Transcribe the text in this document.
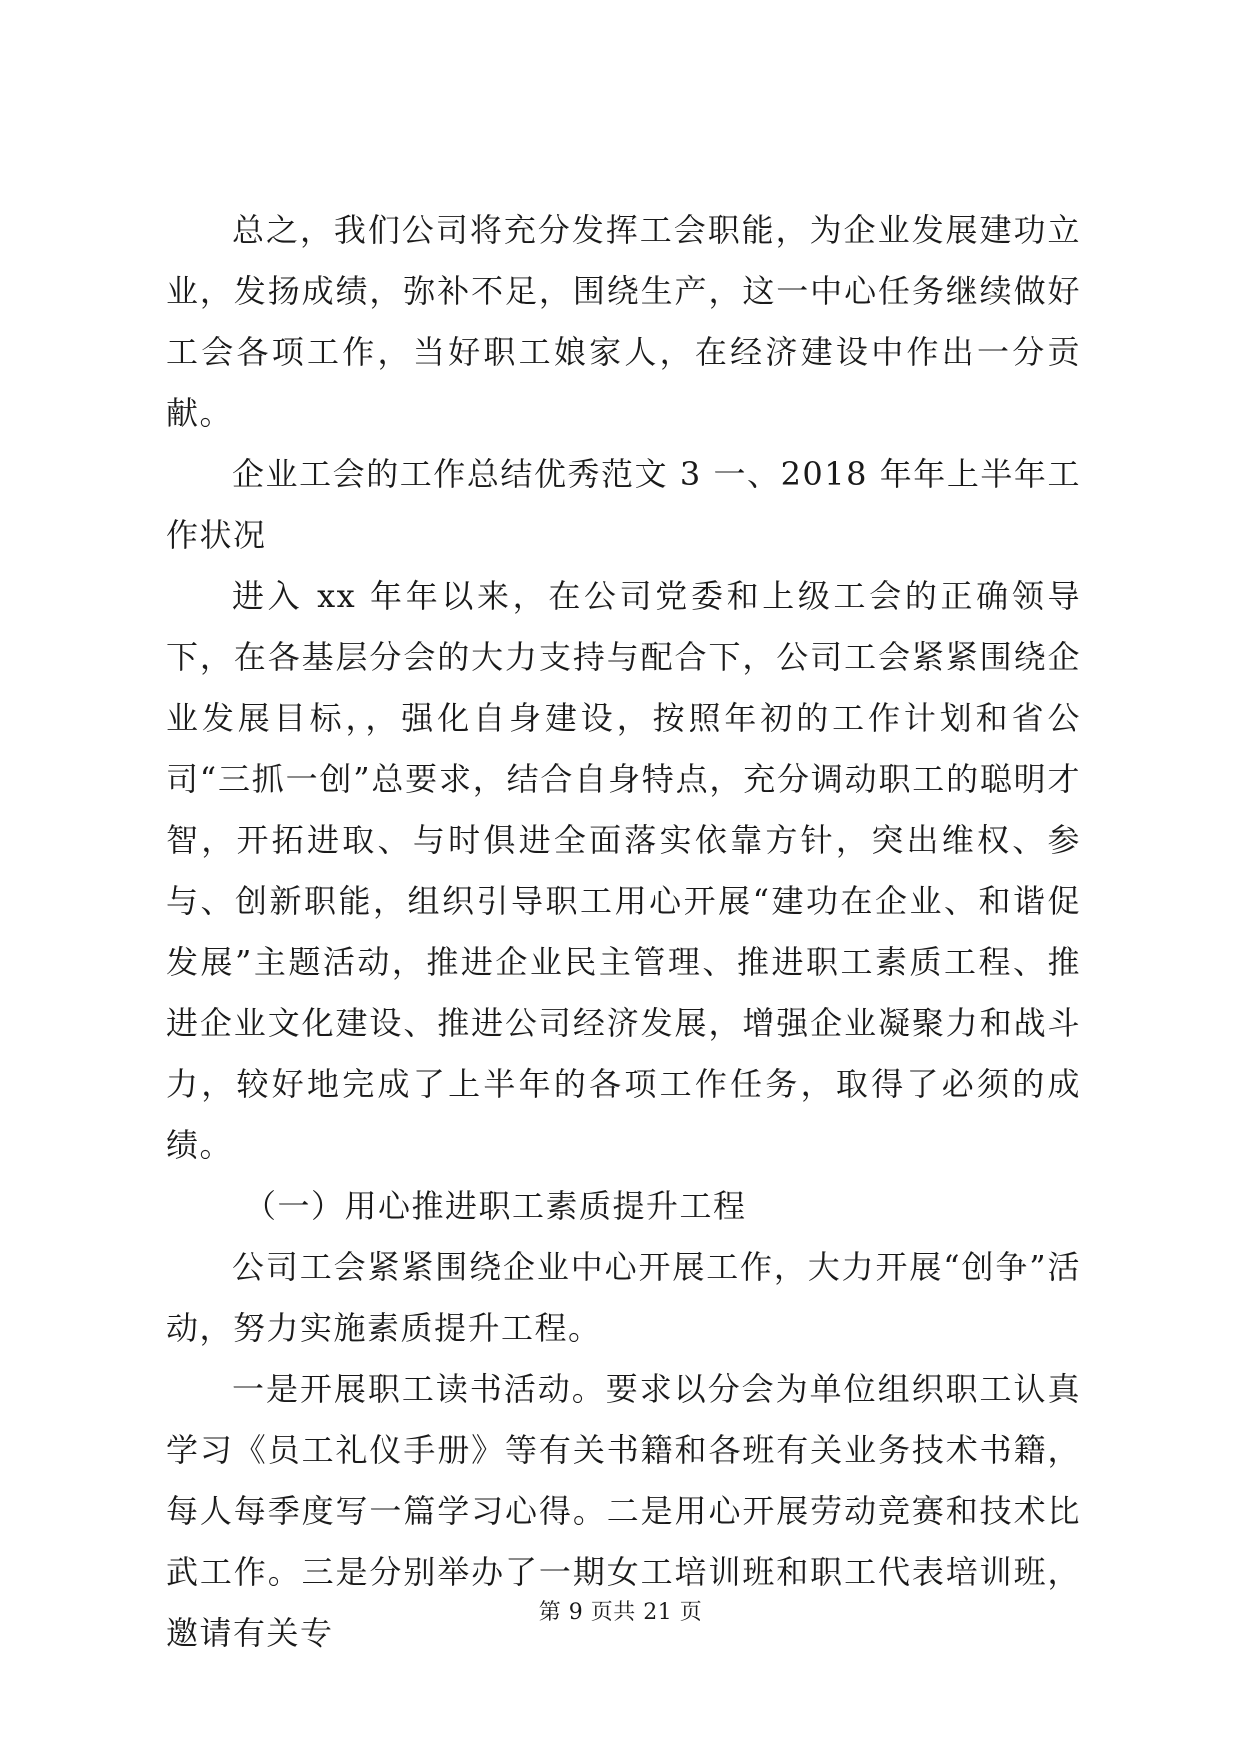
总之，我们公司将充分发挥工会职能，为企业发展建功立业，发扬成绩，弥补不足，围绕生产，这一中心任务继续做好工会各项工作，当好职工娘家人，在经济建设中作出一分贡献。

企业工会的工作总结优秀范文 3 一、2018 年年上半年工作状况

进入 xx 年年以来，在公司党委和上级工会的正确领导下，在各基层分会的大力支持与配合下，公司工会紧紧围绕企业发展目标，，强化自身建设，按照年初的工作计划和省公司“三抓一创”总要求，结合自身特点，充分调动职工的聪明才智，开拓进取、与时俱进全面落实依靠方针，突出维权、参与、创新职能，组织引导职工用心开展“建功在企业、和谐促发展”主题活动，推进企业民主管理、推进职工素质工程、推进企业文化建设、推进公司经济发展，增强企业凝聚力和战斗力，较好地完成了上半年的各项工作任务，取得了必须的成绩。

（一）用心推进职工素质提升工程

公司工会紧紧围绕企业中心开展工作，大力开展“创争”活动，努力实施素质提升工程。

一是开展职工读书活动。要求以分会为单位组织职工认真学习《员工礼仪手册》等有关书籍和各班有关业务技术书籍，每人每季度写一篇学习心得。二是用心开展劳动竞赛和技术比武工作。三是分别举办了一期女工培训班和职工代表培训班，邀请有关专

第 9 页共 21 页
